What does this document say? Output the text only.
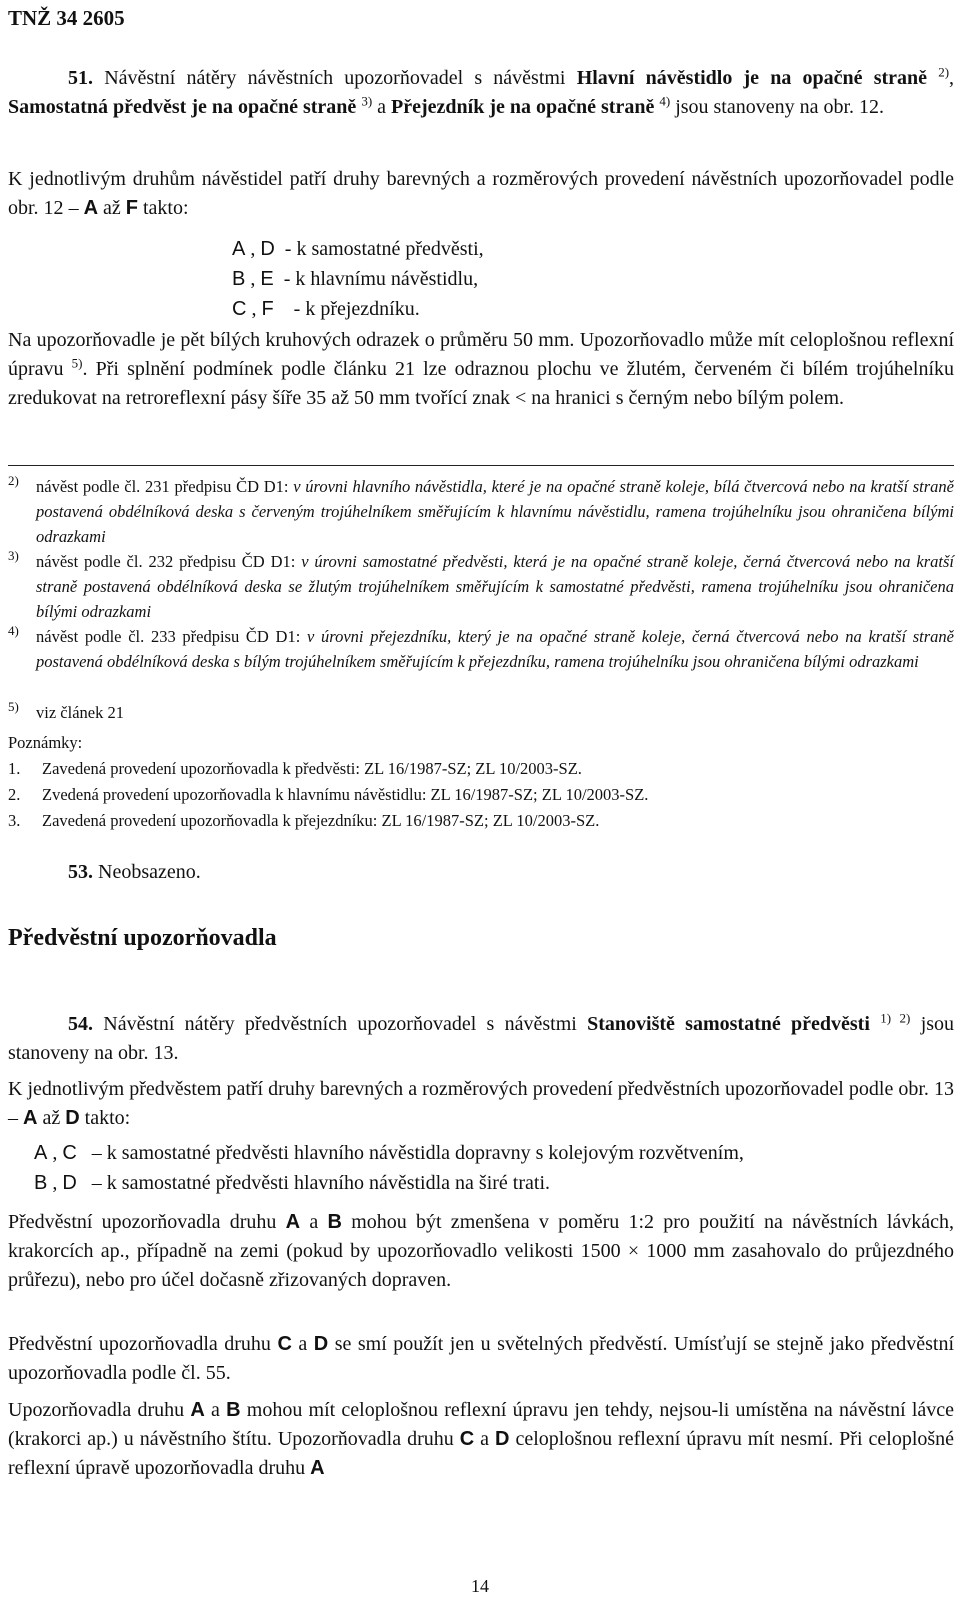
TNŽ 34 2605

51. Návěstní nátěry návěstních upozorňovadel s návěstmi Hlavní návěstidlo je na opačné straně $^{2)}$, Samostatná předvěst je na opačné straně $^{3)}$ a Přejezdník je na opačné straně $^{4)}$ jsou stanoveny na obr. 12.

K jednotlivým druhům návěstidel patří druhy barevných a rozměrových provedení návěstních upozorňovadel podle obr. 12 – A až F takto:

A , D - k samostatné předvěsti,
B , E - k hlavnímu návěstidlu,
C , F - k přejezdníku.

Na upozorňovadle je pět bílých kruhových odrazek o průměru 50 mm. Upozorňovadlo může mít celoplošnou reflexní úpravu $^{5)}$. Při splnění podmínek podle článku 21 lze odraznou plochu ve žlutém, červeném či bílém trojúhelníku zredukovat na retroreflexní pásy šíře 35 až 50 mm tvořící znak < na hranici s černým nebo bílým polem.

2) návěst podle čl. 231 předpisu ČD D1: v úrovni hlavního návěstidla, které je na opačné straně koleje, bílá čtvercová nebo na kratší straně postavená obdélníková deska s červeným trojúhelníkem směřujícím k hlavnímu návěstidlu, ramena trojúhelníku jsou ohraničena bílými odrazkami
3) návěst podle čl. 232 předpisu ČD D1: v úrovni samostatné předvěsti, která je na opačné straně koleje, černá čtvercová nebo na kratší straně postavená obdélníková deska se žlutým trojúhelníkem směřujícím k samostatné předvěsti, ramena trojúhelníku jsou ohraničena bílými odrazkami
4) návěst podle čl. 233 předpisu ČD D1: v úrovni přejezdníku, který je na opačné straně koleje, černá čtvercová nebo na kratší straně postavená obdélníková deska s bílým trojúhelníkem směřujícím k přejezdníku, ramena trojúhelníku jsou ohraničena bílými odrazkami
5) viz článek 21
Poznámky:
1. Zavedená provedení upozorňovadla k předvěsti: ZL 16/1987-SZ; ZL 10/2003-SZ.
2. Zvedená provedení upozorňovadla k hlavnímu návěstidlu: ZL 16/1987-SZ; ZL 10/2003-SZ.
3. Zavedená provedení upozorňovadla k přejezdníku: ZL 16/1987-SZ; ZL 10/2003-SZ.

53. Neobsazeno.

Předvěstní upozorňovadla

54. Návěstní nátěry předvěstních upozorňovadel s návěstmi Stanoviště samostatné předvěsti $^{1) 2)}$ jsou stanoveny na obr. 13.

K jednotlivým předvěstem patří druhy barevných a rozměrových provedení předvěstních upozorňovadel podle obr. 13 – A až D takto:

A , C – k samostatné předvěsti hlavního návěstidla dopravny s kolejovým rozvětvením,
B , D – k samostatné předvěsti hlavního návěstidla na širé trati.

Předvěstní upozorňovadla druhu A a B mohou být zmenšena v poměru 1:2 pro použití na návěstních lávkách, krakorcích ap., případně na zemi (pokud by upozorňovadlo velikosti 1500 × 1000 mm zasahovalo do průjezdného průřezu), nebo pro účel dočasně zřizovaných dopraven.

Předvěstní upozorňovadla druhu C a D se smí použít jen u světelných předvěstí. Umísťují se stejně jako předvěstní upozorňovadla podle čl. 55.

Upozorňovadla druhu A a B mohou mít celoplošnou reflexní úpravu jen tehdy, nejsou-li umístěna na návěstní lávce (krakorci ap.) u návěstního štítu. Upozorňovadla druhu C a D celoplošnou reflexní úpravu mít nesmí. Při celoplošné reflexní úpravě upozorňovadla druhu A

14
